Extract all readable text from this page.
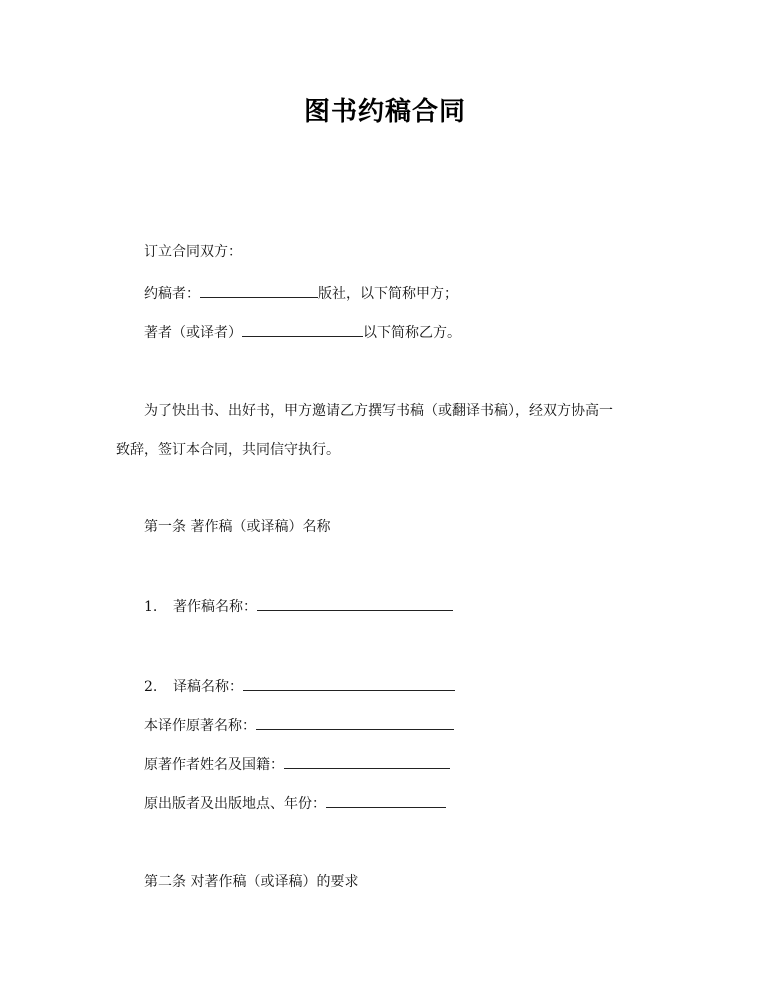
图书约稿合同
订立合同双方：
约稿者：	版社，以下简称甲方；
著者（或译者）	以下简称乙方。
为了快出书、出好书，甲方邀请乙方撰写书稿（或翻译书稿），经双方协高一
致辞，签订本合同，共同信守执行。
第一条 著作稿（或译稿）名称
1. 著作稿名称：
2. 译稿名称：
本译作原著名称：
原著作者姓名及国籍：
原出版者及出版地点、年份：
第二条 对著作稿（或译稿）的要求
